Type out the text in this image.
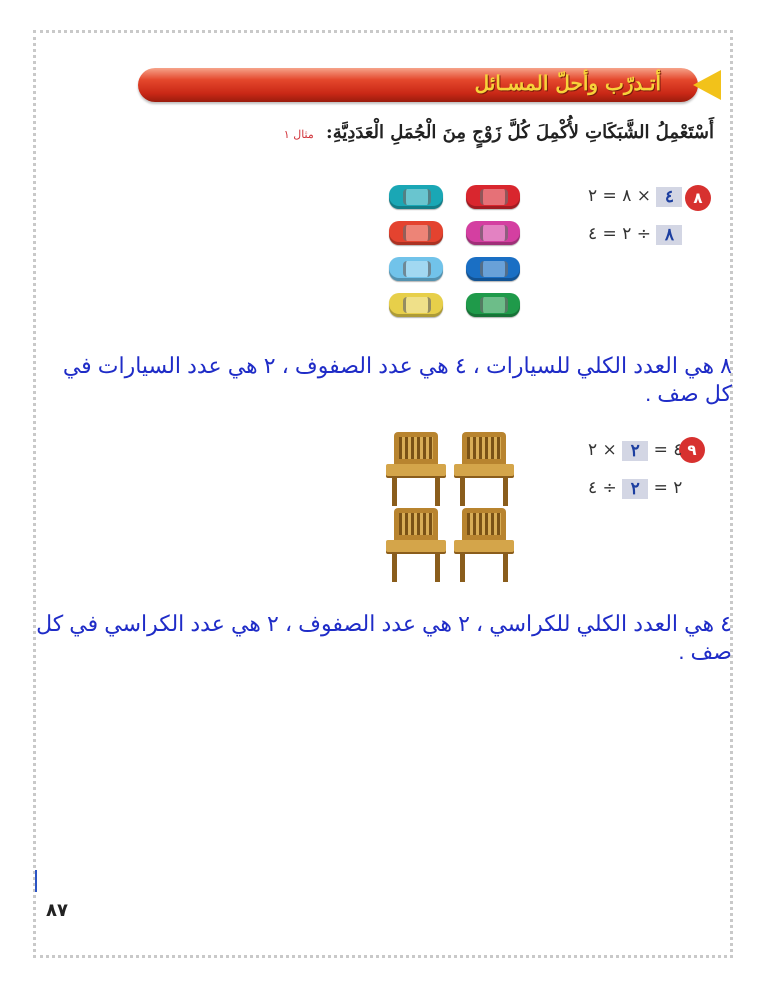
أتـدرّب وأحلّ المسـائل
أَسْتَعْمِلُ الشَّبَكَاتِ لأُكْمِلَ كُلَّ زَوْجٍ مِنَ الْجُمَلِ الْعَدَدِيَّةِ: مثال ١
٨
٨ = ٢ × ٤
٢ = ٤ ÷ ٨
٨ هي العدد الكلي للسيارات ، ٤ هي عدد الصفوف ، ٢ هي عدد السيارات في كل صف .
٩
٤ = ٢ × ٢
٢ = ٢ ÷ ٤
٤ هي العدد الكلي للكراسي ، ٢ هي عدد الصفوف ، ٢ هي عدد الكراسي في كل صف .
٨٧
